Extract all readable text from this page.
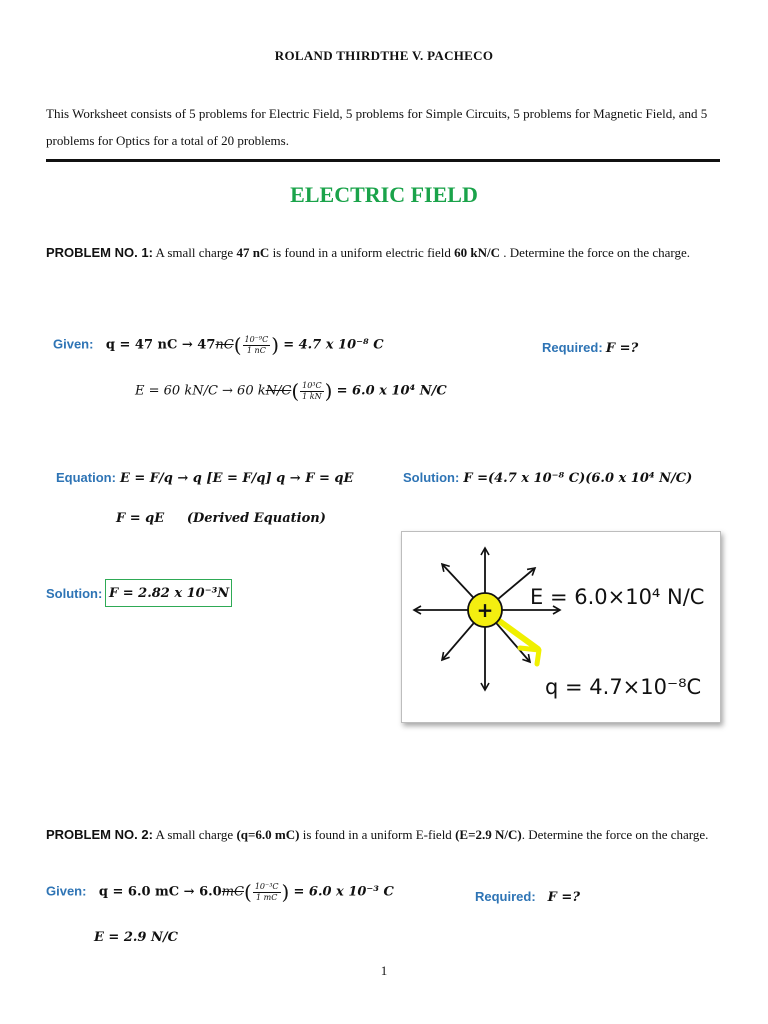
ROLAND THIRDTHE V. PACHECO
This Worksheet consists of 5 problems for Electric Field, 5 problems for Simple Circuits, 5 problems for Magnetic Field, and 5 problems for Optics for a total of 20 problems.
ELECTRIC FIELD
PROBLEM NO. 1: A small charge 47 nC is found in a uniform electric field 60 kN/C . Determine the force on the charge.
Given: q = 47 nC → $47nC( \frac{\text{10⁻⁹C}}{1 nC}$ ) = 4.7 x 10⁻⁸ C	Required: F =?
E = 60 kN/C → 60 $kN/C( \frac{\text{10³C}}{1 kN}$ ) = 6.0 x 10⁴ N/C
Equation: E = F/q → q [E = F/q] q → F = qE	Solution: F =(4.7 x 10⁻⁸ C)(6.0 x 10⁴ N/C)
F = qE (Derived Equation)
Solution: F = 2.82 x 10⁻³N
+
E = 6.0×10⁴ N/C
q = 4.7×10⁻⁸C
PROBLEM NO. 2: A small charge (q=6.0 mC) is found in a uniform E-field (E=2.9 N/C). Determine the force on the charge.
Given: q = 6.0 mC → $6.0mC( \frac{\text{10⁻³C}}{1 mC}$ ) = 6.0 x 10⁻³ C	Required: F =?
E = 2.9 N/C
1
